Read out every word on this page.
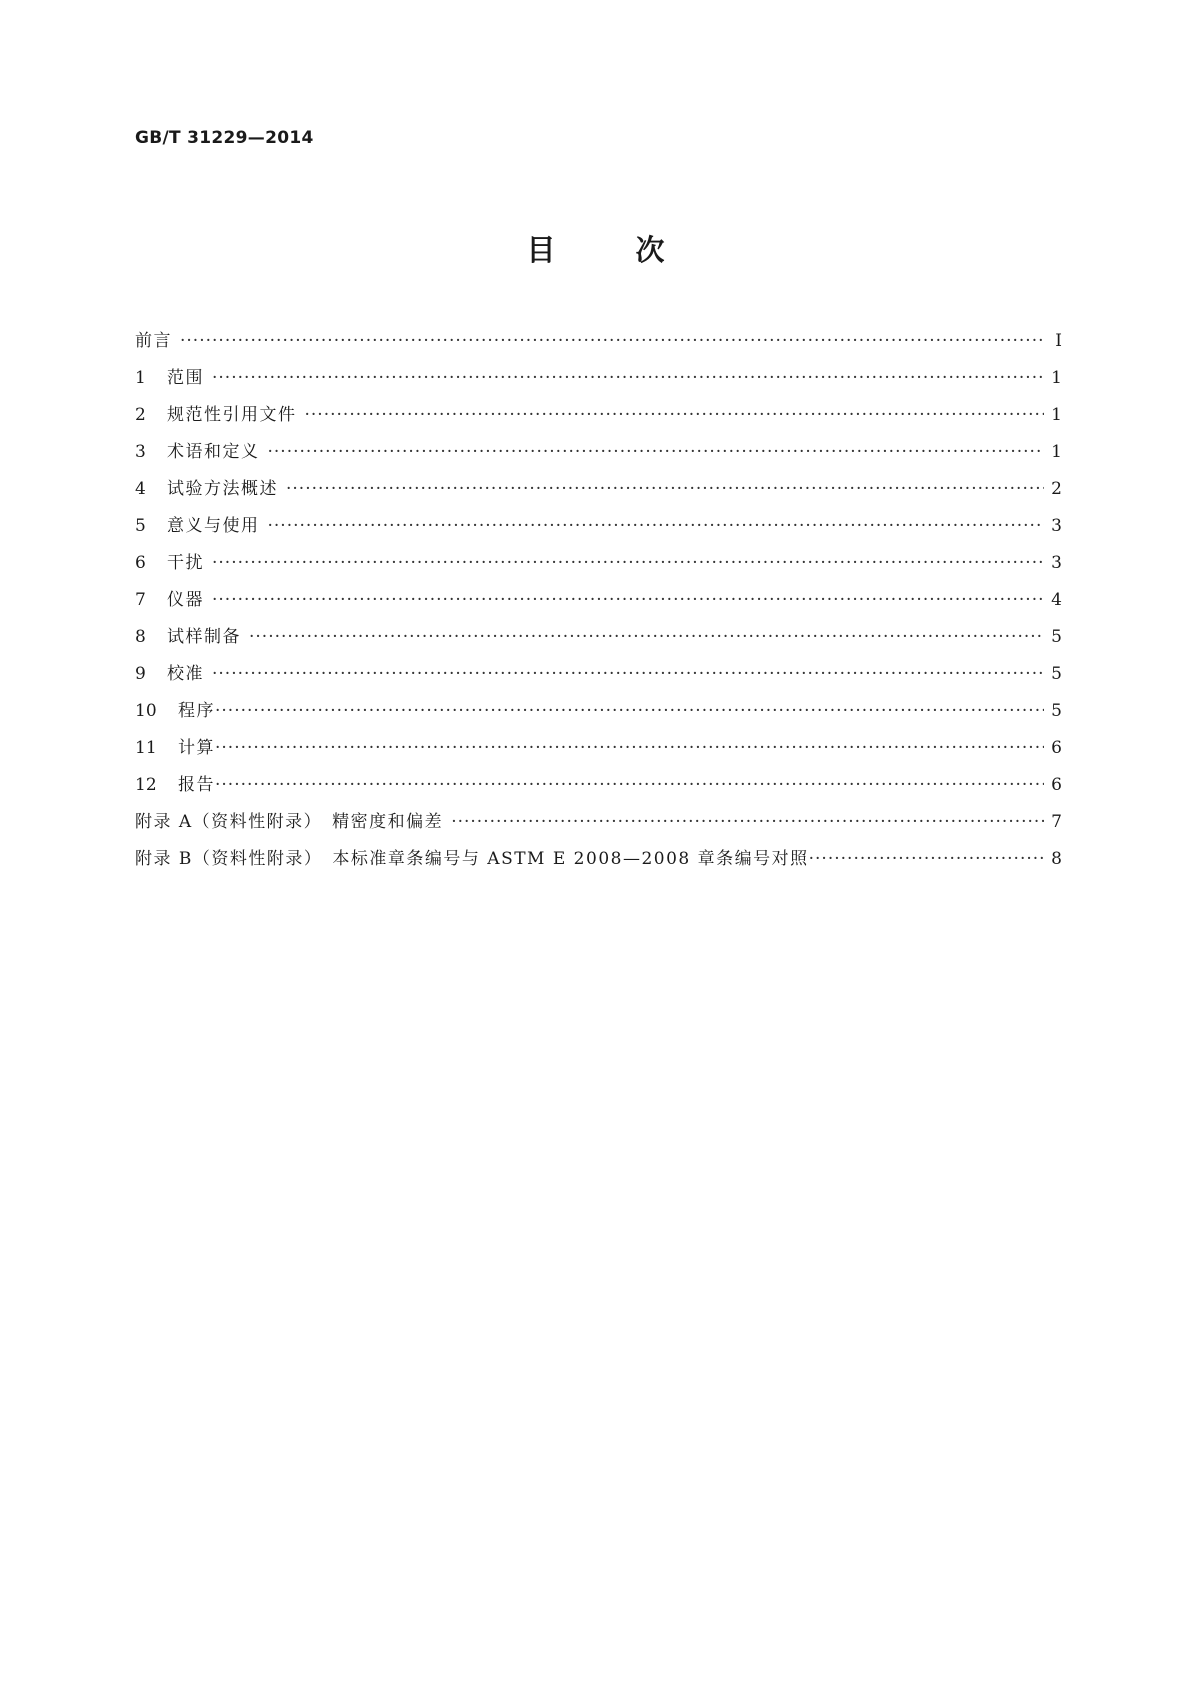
GB/T 31229—2014
目	次
前言 ·····	Ⅰ
1	范围 ·····	1
2	规范性引用文件 ·····	1
3	术语和定义 ·····	1
4	试验方法概述 ·····	2
5	意义与使用 ·····	3
6	干扰 ·····	3
7	仪器 ·····	4
8	试样制备 ·····	5
9	校准 ·····	5
10	程序 ·····	5
11	计算 ·····	6
12	报告 ·····	6
附录 A（资料性附录）　精密度和偏差 ·····	7
附录 B（资料性附录）　本标准章条编号与 ASTM E 2008—2008 章条编号对照 ·····	8
